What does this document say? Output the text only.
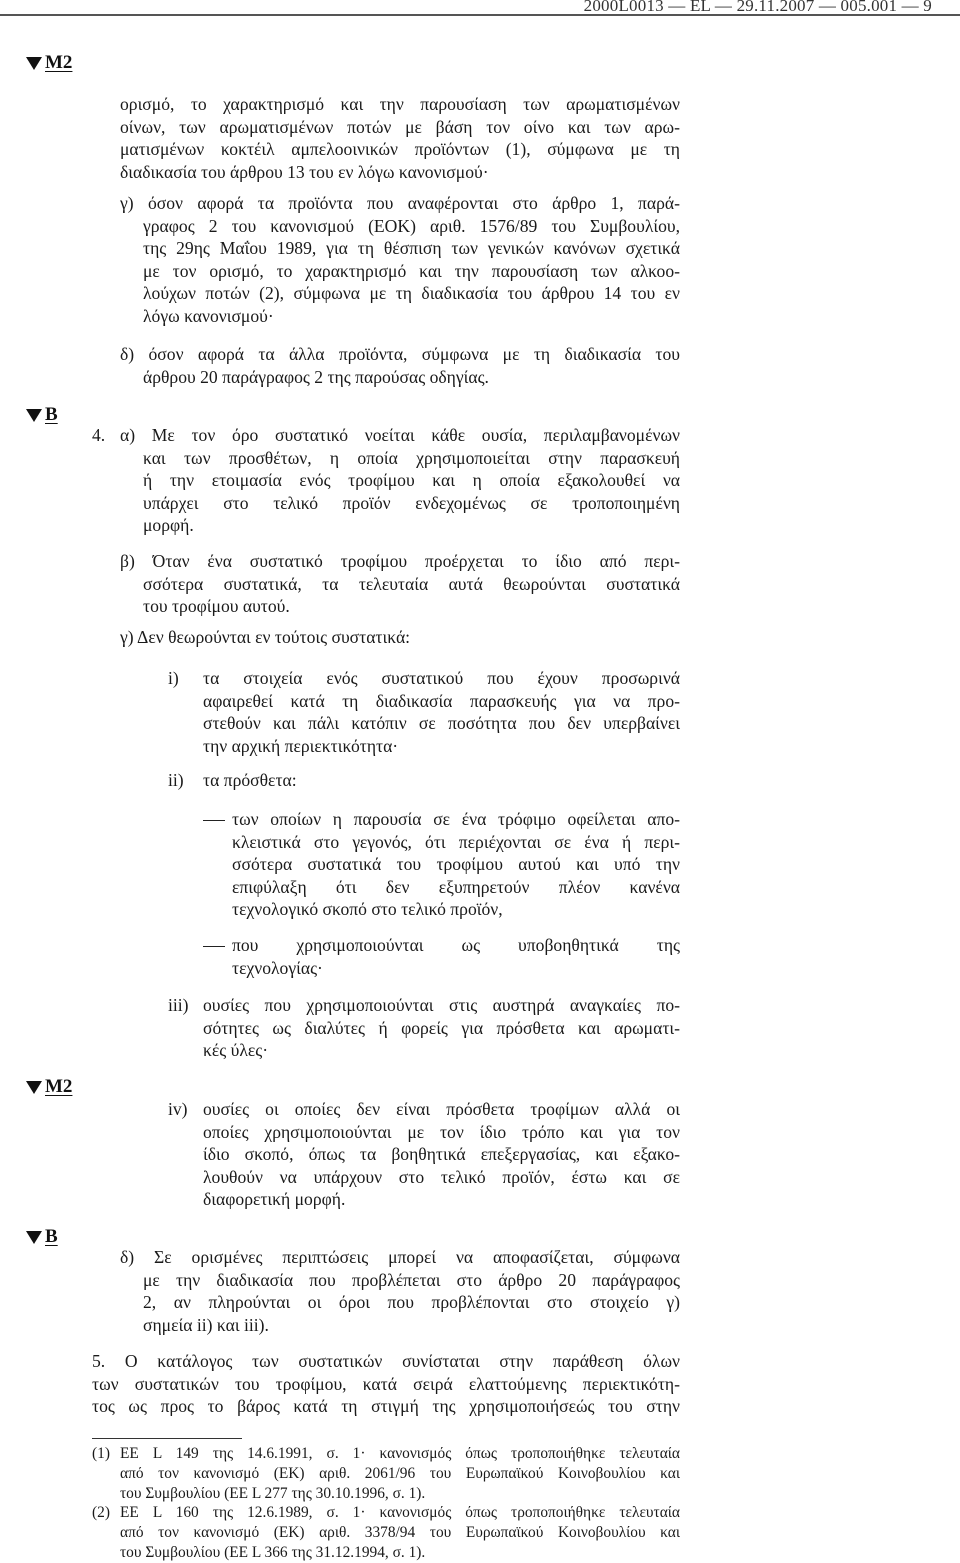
2000L0013 — EL — 29.11.2007 — 005.001 — 9
M2
B
M2
B
ορισμό, το χαρακτηρισμό και την παρουσίαση των αρωματισμένων
οίνων, των αρωματισμένων ποτών με βάση τον οίνο και των αρω-
ματισμένων κοκτέιλ αμπελοοινικών προϊόντων (1), σύμφωνα με τη
διαδικασία του άρθρου 13 του εν λόγω κανονισμού·
γ) όσον αφορά τα προϊόντα που αναφέρονται στο άρθρο 1, παρά-
γραφος 2 του κανονισμού (ΕΟΚ) αριθ. 1576/89 του Συμβουλίου,
της 29ης Μαΐου 1989, για τη θέσπιση των γενικών κανόνων σχετικά
με τον ορισμό, το χαρακτηρισμό και την παρουσίαση των αλκοο-
λούχων ποτών (2), σύμφωνα με τη διαδικασία του άρθρου 14 του εν
λόγω κανονισμού·
δ) όσον αφορά τα άλλα προϊόντα, σύμφωνα με τη διαδικασία του
άρθρου 20 παράγραφος 2 της παρούσας οδηγίας.
4. α) Με τον όρο συστατικό νοείται κάθε ουσία, περιλαμβανομένων
και των προσθέτων, η οποία χρησιμοποιείται στην παρασκευή
ή την ετοιμασία ενός τροφίμου και η οποία εξακολουθεί να
υπάρχει στο τελικό προϊόν ενδεχομένως σε τροποποιημένη
μορφή.
β) Όταν ένα συστατικό τροφίμου προέρχεται το ίδιο από περι-
σσότερα συστατικά, τα τελευταία αυτά θεωρούνται συστατικά
του τροφίμου αυτού.
γ) Δεν θεωρούνται εν τούτοις συστατικά:
i) τα στοιχεία ενός συστατικού που έχουν προσωρινά
αφαιρεθεί κατά τη διαδικασία παρασκευής για να προ-
στεθούν και πάλι κατόπιν σε ποσότητα που δεν υπερβαίνει
την αρχική περιεκτικότητα·
ii) τα πρόσθετα:
των οποίων η παρουσία σε ένα τρόφιμο οφείλεται απο-
κλειστικά στο γεγονός, ότι περιέχονται σε ένα ή περι-
σσότερα συστατικά του τροφίμου αυτού και υπό την
επιφύλαξη ότι δεν εξυπηρετούν πλέον κανένα
τεχνολογικό σκοπό στο τελικό προϊόν,
που χρησιμοποιούνται ως υποβοηθητικά της
τεχνολογίας·
iii) ουσίες που χρησιμοποιούνται στις αυστηρά αναγκαίες πο-
σότητες ως διαλύτες ή φορείς για πρόσθετα και αρωματι-
κές ύλες·
iv) ουσίες οι οποίες δεν είναι πρόσθετα τροφίμων αλλά οι
οποίες χρησιμοποιούνται με τον ίδιο τρόπο και για τον
ίδιο σκοπό, όπως τα βοηθητικά επεξεργασίας, και εξακο-
λουθούν να υπάρχουν στο τελικό προϊόν, έστω και σε
διαφορετική μορφή.
δ) Σε ορισμένες περιπτώσεις μπορεί να αποφασίζεται, σύμφωνα
με την διαδικασία που προβλέπεται στο άρθρο 20 παράγραφος
2, αν πληρούνται οι όροι που προβλέπονται στο στοιχείο γ)
σημεία ii) και iii).
5. Ο κατάλογος των συστατικών συνίσταται στην παράθεση όλων
των συστατικών του τροφίμου, κατά σειρά ελαττούμενης περιεκτικότη-
τος ως προς το βάρος κατά τη στιγμή της χρησιμοποιήσεώς του στην
(1) ΕΕ L 149 της 14.6.1991, σ. 1· κανονισμός όπως τροποποιήθηκε τελευταία
από τον κανονισμό (ΕΚ) αριθ. 2061/96 του Ευρωπαϊκού Κοινοβουλίου και
του Συμβουλίου (ΕΕ L 277 της 30.10.1996, σ. 1).
(2) ΕΕ L 160 της 12.6.1989, σ. 1· κανονισμός όπως τροποποιήθηκε τελευταία
από τον κανονισμό (ΕΚ) αριθ. 3378/94 του Ευρωπαϊκού Κοινοβουλίου και
του Συμβουλίου (ΕΕ L 366 της 31.12.1994, σ. 1).
